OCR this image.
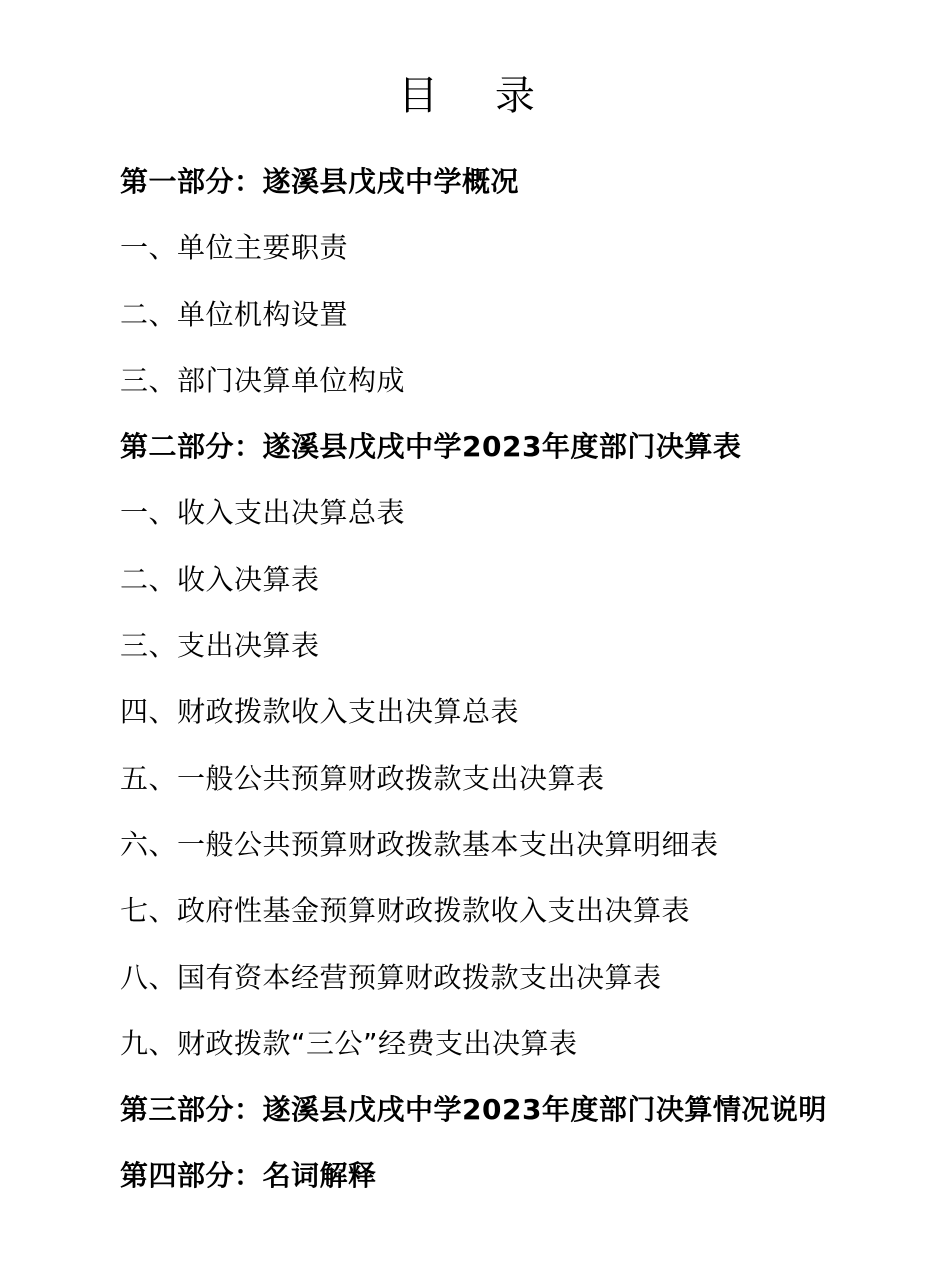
目 录
第一部分：遂溪县戊戌中学概况
一、单位主要职责
二、单位机构设置
三、部门决算单位构成
第二部分：遂溪县戊戌中学2023年度部门决算表
一、收入支出决算总表
二、收入决算表
三、支出决算表
四、财政拨款收入支出决算总表
五、一般公共预算财政拨款支出决算表
六、一般公共预算财政拨款基本支出决算明细表
七、政府性基金预算财政拨款收入支出决算表
八、国有资本经营预算财政拨款支出决算表
九、财政拨款“三公”经费支出决算表
第三部分：遂溪县戊戌中学2023年度部门决算情况说明
第四部分：名词解释
